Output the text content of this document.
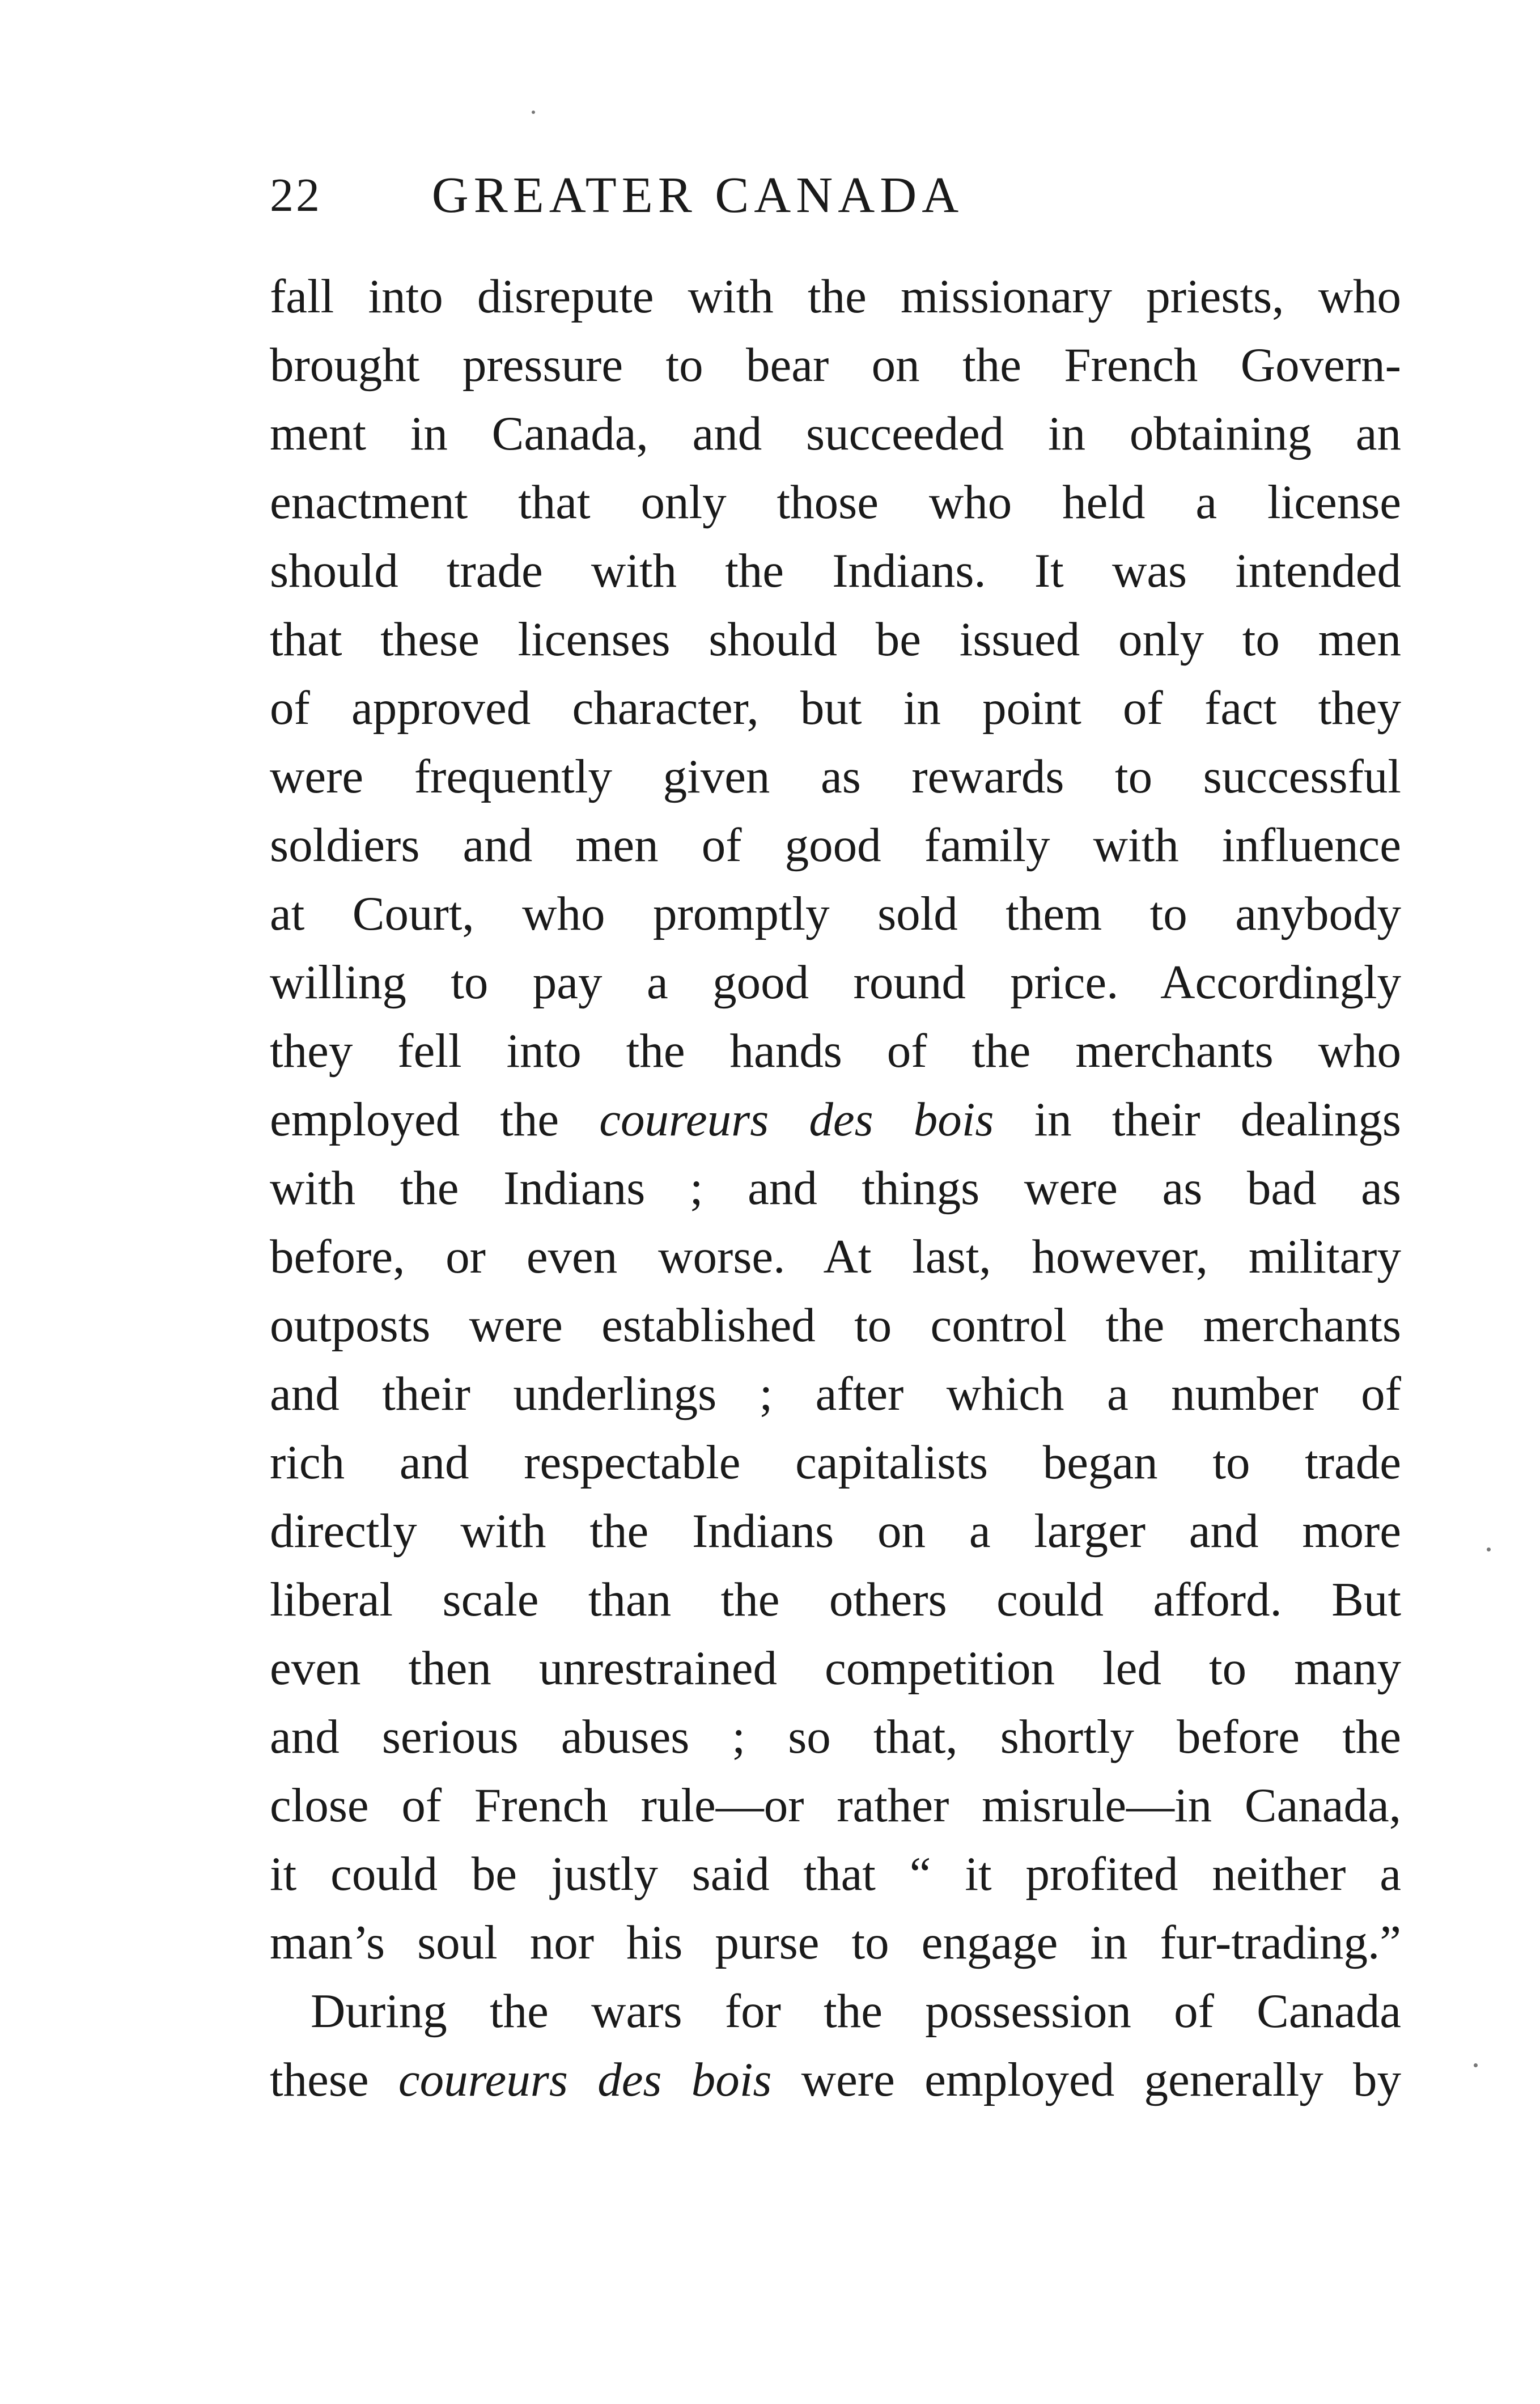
22	GREATER CANADA
fall into disrepute with the missionary priests, who
brought pressure to bear on the French Govern-
ment in Canada, and succeeded in obtaining an
enactment that only those who held a license
should trade with the Indians. It was intended
that these licenses should be issued only to men
of approved character, but in point of fact they
were frequently given as rewards to successful
soldiers and men of good family with influence
at Court, who promptly sold them to anybody
willing to pay a good round price. Accordingly
they fell into the hands of the merchants who
employed the coureurs des bois in their dealings
with the Indians ; and things were as bad as
before, or even worse. At last, however, military
outposts were established to control the merchants
and their underlings ; after which a number of
rich and respectable capitalists began to trade
directly with the Indians on a larger and more
liberal scale than the others could afford. But
even then unrestrained competition led to many
and serious abuses ; so that, shortly before the
close of French rule—or rather misrule—in Canada,
it could be justly said that “ it profited neither a
man’s soul nor his purse to engage in fur-trading.”
During the wars for the possession of Canada
these coureurs des bois were employed generally by
